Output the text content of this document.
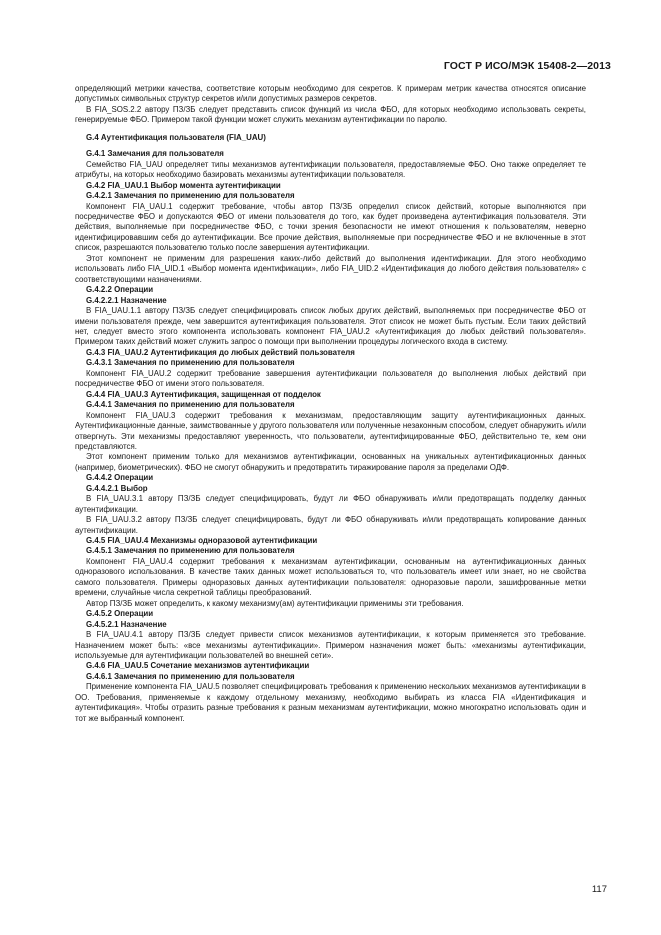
ГОСТ Р ИСО/МЭК 15408-2—2013
определяющий метрики качества, соответствие которым необходимо для секретов. К примерам метрик качества относятся описание допустимых символьных структур секретов и/или допустимых размеров секретов.
В FIA_SOS.2.2 автору ПЗ/ЗБ следует представить список функций из числа ФБО, для которых необходимо использовать секреты, генерируемые ФБО. Примером такой функции может служить механизм аутентификации по паролю.
G.4 Аутентификация пользователя (FIA_UAU)
G.4.1 Замечания для пользователя
Семейство FIA_UAU определяет типы механизмов аутентификации пользователя, предоставляемые ФБО. Оно также определяет те атрибуты, на которых необходимо базировать механизмы аутентификации пользователя.
G.4.2 FIA_UAU.1 Выбор момента аутентификации
G.4.2.1 Замечания по применению для пользователя
Компонент FIA_UAU.1 содержит требование, чтобы автор ПЗ/ЗБ определил список действий, которые выполняются при посредничестве ФБО и допускаются ФБО от имени пользователя до того, как будет произведена аутентификация пользователя. Эти действия, выполняемые при посредничестве ФБО, с точки зрения безопасности не имеют отношения к пользователям, неверно идентифицировавшим себя до аутентификации. Все прочие действия, выполняемые при посредничестве ФБО и не включенные в этот список, разрешаются пользователю только после завершения аутентификации.
Этот компонент не применим для разрешения каких-либо действий до выполнения идентификации. Для этого необходимо использовать либо FIA_UID.1 «Выбор момента идентификации», либо FIA_UID.2 «Идентификация до любого действия пользователя» с соответствующими назначениями.
G.4.2.2 Операции
G.4.2.2.1 Назначение
В FIA_UAU.1.1 автору ПЗ/ЗБ следует специфицировать список любых других действий, выполняемых при посредничестве ФБО от имени пользователя прежде, чем завершится аутентификация пользователя. Этот список не может быть пустым. Если таких действий нет, следует вместо этого компонента использовать компонент FIA_UAU.2 «Аутентификация до любых действий пользователя». Примером таких действий может служить запрос о помощи при выполнении процедуры логического входа в систему.
G.4.3 FIA_UAU.2 Аутентификация до любых действий пользователя
G.4.3.1 Замечания по применению для пользователя
Компонент FIA_UAU.2 содержит требование завершения аутентификации пользователя до выполнения любых действий при посредничестве ФБО от имени этого пользователя.
G.4.4 FIA_UAU.3 Аутентификация, защищенная от подделок
G.4.4.1 Замечания по применению для пользователя
Компонент FIA_UAU.3 содержит требования к механизмам, предоставляющим защиту аутентификационных данных. Аутентификационные данные, заимствованные у другого пользователя или полученные незаконным способом, следует обнаружить и/или отвергнуть. Эти механизмы предоставляют уверенность, что пользователи, аутентифицированные ФБО, действительно те, кем они представляются.
Этот компонент применим только для механизмов аутентификации, основанных на уникальных аутентификационных данных (например, биометрических). ФБО не смогут обнаружить и предотвратить тиражирование пароля за пределами ОДФ.
G.4.4.2 Операции
G.4.4.2.1 Выбор
В FIA_UAU.3.1 автору ПЗ/ЗБ следует специфицировать, будут ли ФБО обнаруживать и/или предотвращать подделку данных аутентификации.
В FIA_UAU.3.2 автору ПЗ/ЗБ следует специфицировать, будут ли ФБО обнаруживать и/или предотвращать копирование данных аутентификации.
G.4.5 FIA_UAU.4 Механизмы одноразовой аутентификации
G.4.5.1 Замечания по применению для пользователя
Компонент FIA_UAU.4 содержит требования к механизмам аутентификации, основанным на аутентификационных данных одноразового использования. В качестве таких данных может использоваться то, что пользователь имеет или знает, но не свойства самого пользователя. Примеры одноразовых данных аутентификации пользователя: одноразовые пароли, зашифрованные метки времени, случайные числа секретной таблицы преобразований.
Автор ПЗ/ЗБ может определить, к какому механизму(ам) аутентификации применимы эти требования.
G.4.5.2 Операции
G.4.5.2.1 Назначение
В FIA_UAU.4.1 автору ПЗ/ЗБ следует привести список механизмов аутентификации, к которым применяется это требование. Назначением может быть: «все механизмы аутентификации». Примером назначения может быть: «механизмы аутентификации, используемые для аутентификации пользователей во внешней сети».
G.4.6 FIA_UAU.5 Сочетание механизмов аутентификации
G.4.6.1 Замечания по применению для пользователя
Применение компонента FIA_UAU.5 позволяет специфицировать требования к применению нескольких механизмов аутентификации в ОО. Требования, применяемые к каждому отдельному механизму, необходимо выбирать из класса FIA «Идентификация и аутентификация». Чтобы отразить разные требования к разным механизмам аутентификации, можно многократно использовать один и тот же выбранный компонент.
117
